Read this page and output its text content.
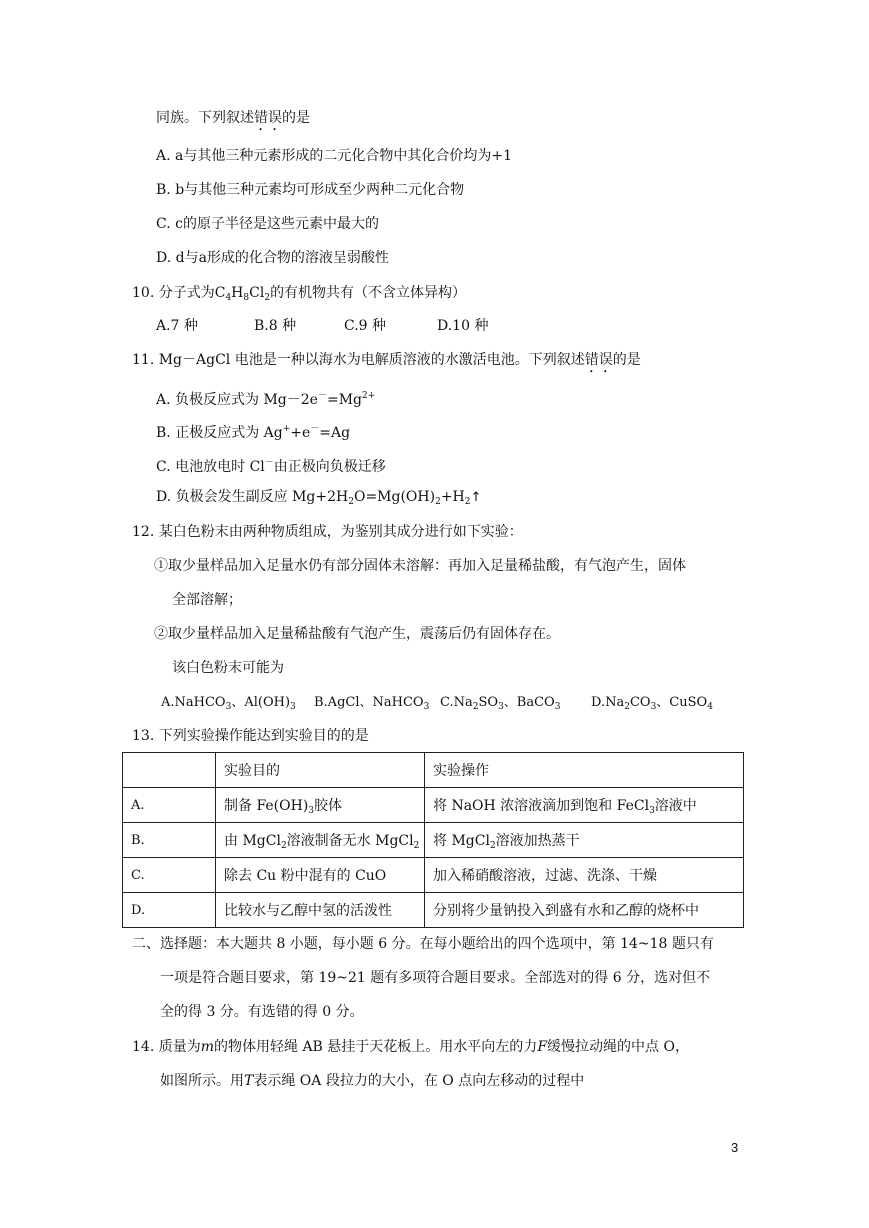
同族。下列叙述错误的是
A. a与其他三种元素形成的二元化合物中其化合价均为+1
B. b与其他三种元素均可形成至少两种二元化合物
C. c的原子半径是这些元素中最大的
D. d与a形成的化合物的溶液呈弱酸性
10. 分子式为$C_4H_8Cl_2$的有机物共有（不含立体异构）
A.7 种	B.8 种	C.9 种	D.10 种
11. Mg－AgCl 电池是一种以海水为电解质溶液的水激活电池。下列叙述错误的是
A. 负极反应式为 $Mg-2e^-=Mg^{2+}$
B. 正极反应式为 Ag++e－=Ag
C. 电池放电时 Cl－由正极向负极迁移
D. 负极会发生副反应 $Mg+2H_2O=Mg(OH)_2+H_2↑$
12. 某白色粉末由两种物质组成，为鉴别其成分进行如下实验：
①取少量样品加入足量水仍有部分固体未溶解：再加入足量稀盐酸，有气泡产生，固体
全部溶解；
②取少量样品加入足量稀盐酸有气泡产生，震荡后仍有固体存在。
该白色粉末可能为
A.NaHCO$_3$、$Al(OH)_3$ B.AgCl、NaHCO$_3$ $C.Na_2SO_3$、BaCO$_3$ $D.Na_2CO_3$、CuSO$_4$
13. 下列实验操作能达到实验目的的是
	实验目的	实验操作
A.	制备 $Fe(OH)_3$胶体	将 NaOH 浓溶液滴加到饱和 FeCl$_3$溶液中
B.	由 MgCl$_2$溶液制备无水 MgCl$_2$	将 MgCl$_2$溶液加热蒸干
C.	除去 Cu 粉中混有的 CuO	加入稀硝酸溶液，过滤、洗涤、干燥
D.	比较水与乙醇中氢的活泼性	分别将少量钠投入到盛有水和乙醇的烧杯中
二、选择题：本大题共 8 小题，每小题 6 分。在每小题给出的四个选项中，第 14~18 题只有
一项是符合题目要求，第 19~21 题有多项符合题目要求。全部选对的得 6 分，选对但不
全的得 3 分。有选错的得 0 分。
14. 质量为m的物体用轻绳 AB 悬挂于天花板上。用水平向左的力F缓慢拉动绳的中点 O，
如图所示。用T表示绳 OA 段拉力的大小，在 O 点向左移动的过程中
3
